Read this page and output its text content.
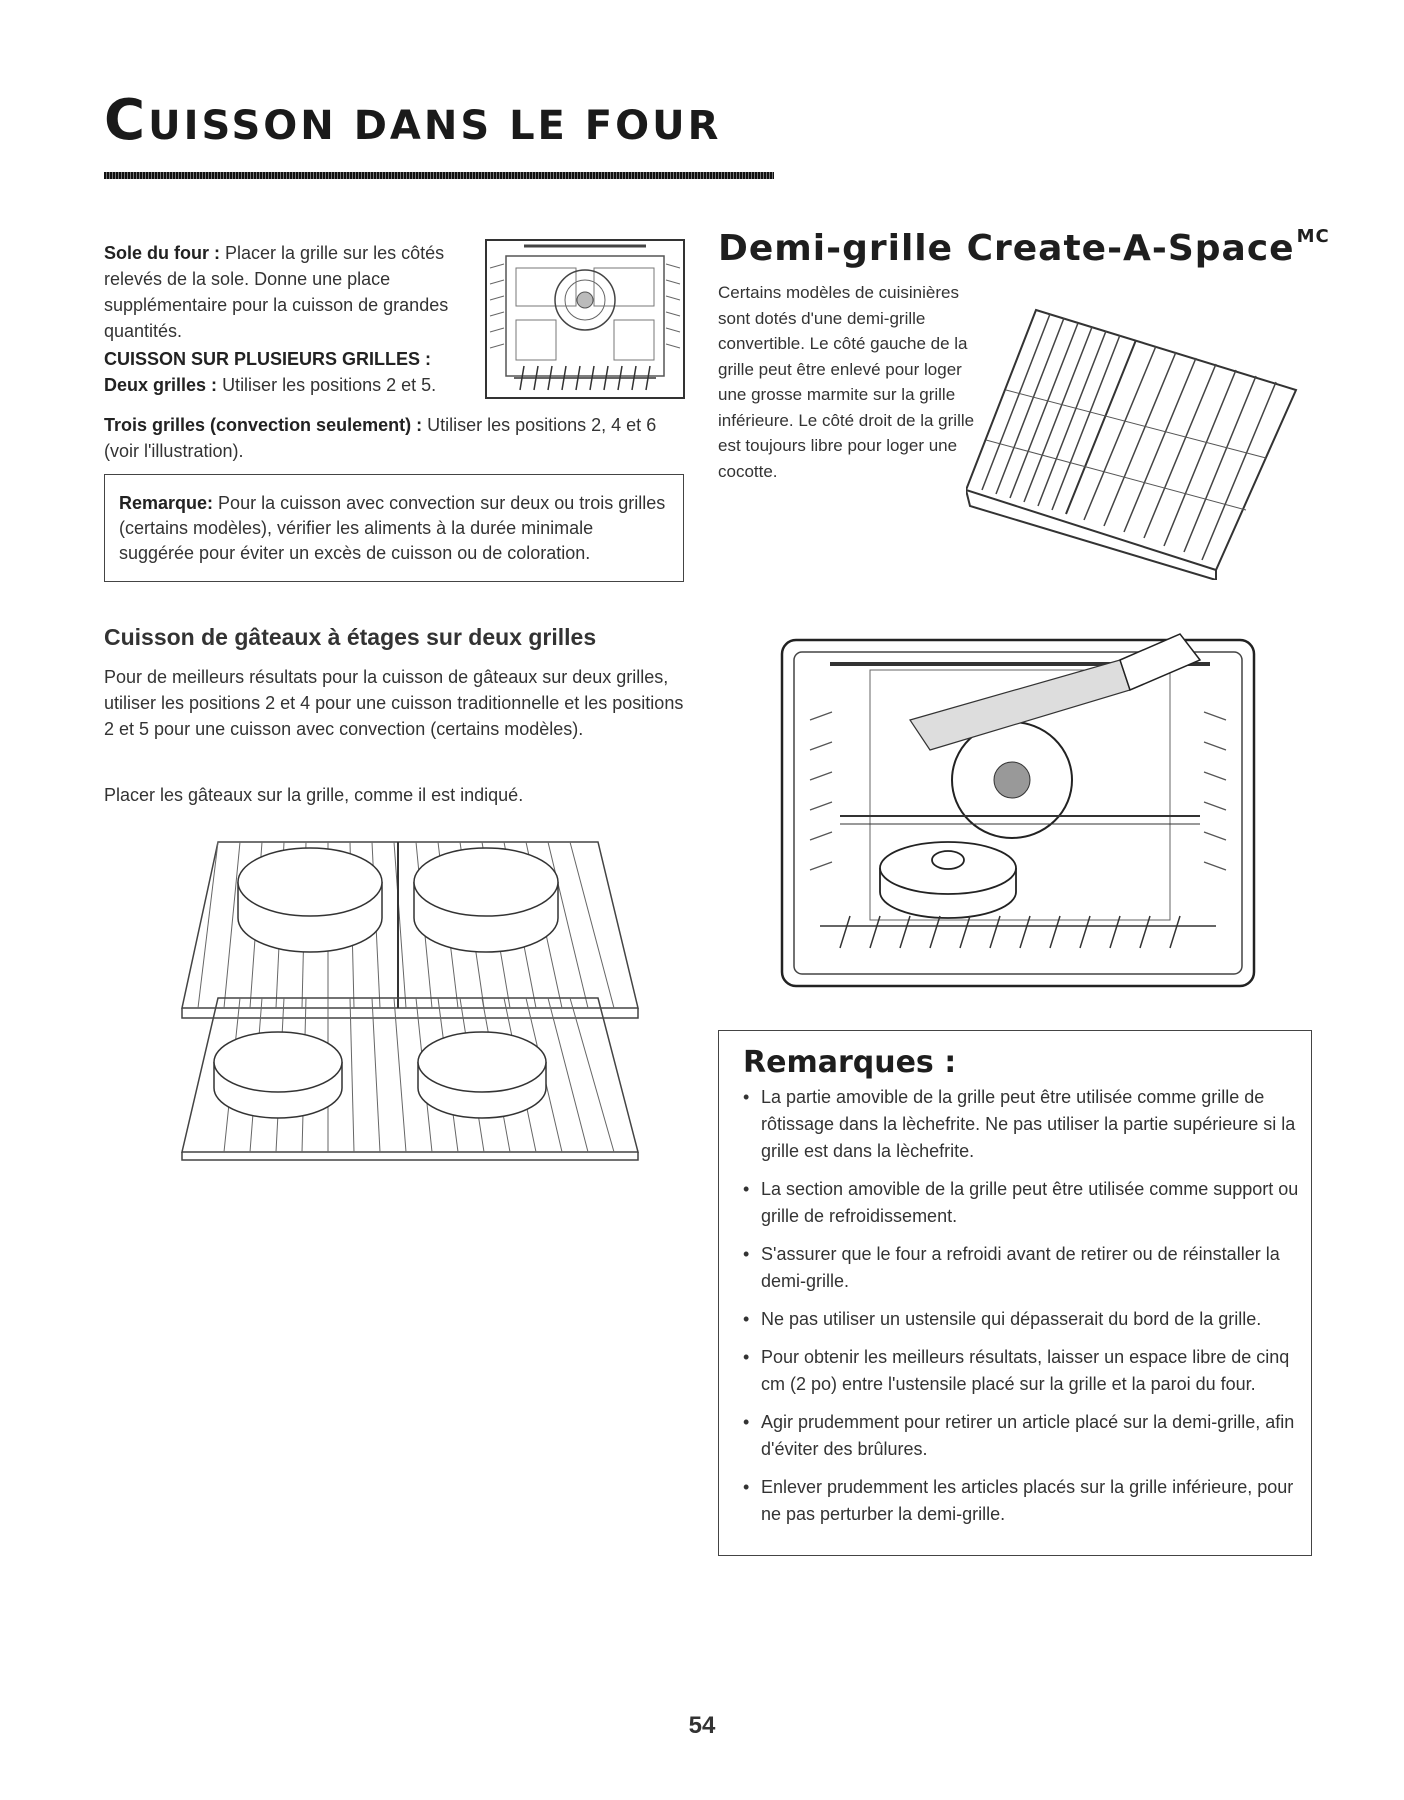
CUISSON DANS LE FOUR

Sole du four : Placer la grille sur les côtés relevés de la sole. Donne une place supplémentaire pour la cuisson de grandes quantités.

CUISSON SUR PLUSIEURS GRILLES :

Deux grilles : Utiliser les positions 2 et 5.

Trois grilles (convection seulement) : Utiliser les positions 2, 4 et 6 (voir l'illustration).

Remarque: Pour la cuisson avec convection sur deux ou trois grilles (certains modèles), vérifier les aliments à la durée minimale suggérée pour éviter un excès de cuisson ou de coloration.

Cuisson de gâteaux à étages sur deux grilles

Pour de meilleurs résultats pour la cuisson de gâteaux sur deux grilles, utiliser les positions 2 et 4 pour une cuisson traditionnelle et les positions 2 et 5 pour une cuisson avec convection (certains modèles).

Placer les gâteaux sur la grille, comme il est indiqué.

Demi-grille Create-A-Space $^{MC}$

Certains modèles de cuisinières sont dotés d'une demi-grille convertible. Le côté gauche de la grille peut être enlevé pour loger une grosse marmite sur la grille inférieure. Le côté droit de la grille est toujours libre pour loger une cocotte.

Remarques :
• La partie amovible de la grille peut être utilisée comme grille de rôtissage dans la lèchefrite. Ne pas utiliser la partie supérieure si la grille est dans la lèchefrite.
• La section amovible de la grille peut être utilisée comme support ou grille de refroidissement.
• S'assurer que le four a refroidi avant de retirer ou de réinstaller la demi-grille.
• Ne pas utiliser un ustensile qui dépasserait du bord de la grille.
• Pour obtenir les meilleurs résultats, laisser un espace libre de cinq cm (2 po) entre l'ustensile placé sur la grille et la paroi du four.
• Agir prudemment pour retirer un article placé sur la demi-grille, afin d'éviter des brûlures.
• Enlever prudemment les articles placés sur la grille inférieure, pour ne pas perturber la demi-grille.
54
